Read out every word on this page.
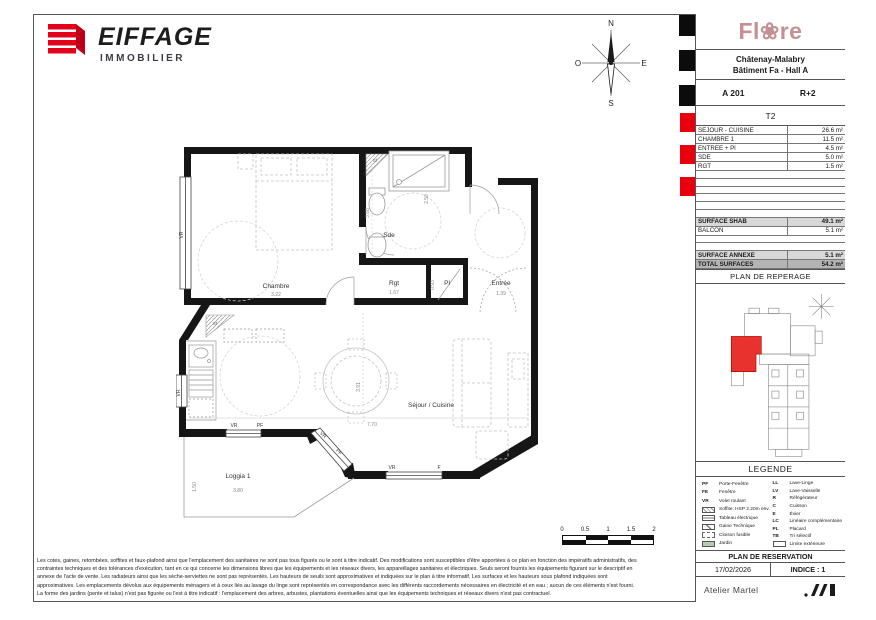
EIFFAGE
IMMOBILIER
N
E
S
O
Chambre
Sde
Rgt	Pl	Entrée
Séjour / Cuisine
Loggia 1
Sf
Sf
3.22
3.88
2.58
1.67
0.93
1.39
7.70
3.91
3.80
1.50
VR
VR
VR	PF
VR
PF
VR	F
Fl❀re
Châtenay-Malabry
Bâtiment Fa - Hall A
A 201	R+2
T2
SEJOUR - CUISINE	26.6 m²
CHAMBRE 1	11.5 m²
ENTREE + Pl	4.5 m²
SDE	5.0 m²
RGT	1.5 m²
SURFACE SHAB	49.1 m²
BALCON	5.1 m²
SURFACE ANNEXE	5.1 m²
TOTAL SURFACES	54.2 m²
PLAN DE REPERAGE
LEGENDE
PF	Porte-Fenêtre
FE	Fenêtre
VR	Volet roulant
Soffite: HSP 2.20m env.
Tableau électrique
Gaine Technique
Cloison fusible
Jardin
LL	Lave-Linge
LV	Lave-Vaisselle
R	Réfrigérateur
C	Cuisson
E	Évier
LC	Linéaire complémentaire
PL	Placard
TB	Tri sélectif
Limite extérieure
PLAN DE RESERVATION
17/02/2026	INDICE : 1
Atelier Martel
0	0.5	1	1.5	2
Les cotes, gaines, retombées, soffites et faux-plafond ainsi que l'emplacement des sanitaires ne sont pas tous figurés ou le sont à titre indicatif. Des modifications sont susceptibles d'être apportées à ce plan en fonction des impératifs administratifs, des
contraintes techniques et des tolérances d'exécution, tant en ce qui concerne les dimensions libres que les équipements et les réseaux divers, les appareillages sanitaires et électriques. Seuls seront fournis les équipements figurant sur le descriptif en
annexe de l'acte de vente. Les radiateurs ainsi que les sèche-serviettes ne sont pas représentés. Les hauteurs de seuils sont approximatives et indiquées sur le plan à titre informatif. Les surfaces et les hauteurs sous plafond indiquées sont
approximatives. Les emplacements dévolus aux équipements ménagers et à ceux liés au lavage du linge sont représentés en correspondance avec les différents raccordements nécessaires en électricité et en eau ; aucun de ces éléments n'est fourni.
La forme des jardins (pente et talus) n'est pas figurée ou l'est à titre indicatif : l'emplacement des arbres, arbustes, plantations éventuelles ainsi que les équipements techniques et réseaux divers n'est pas contractuel.
